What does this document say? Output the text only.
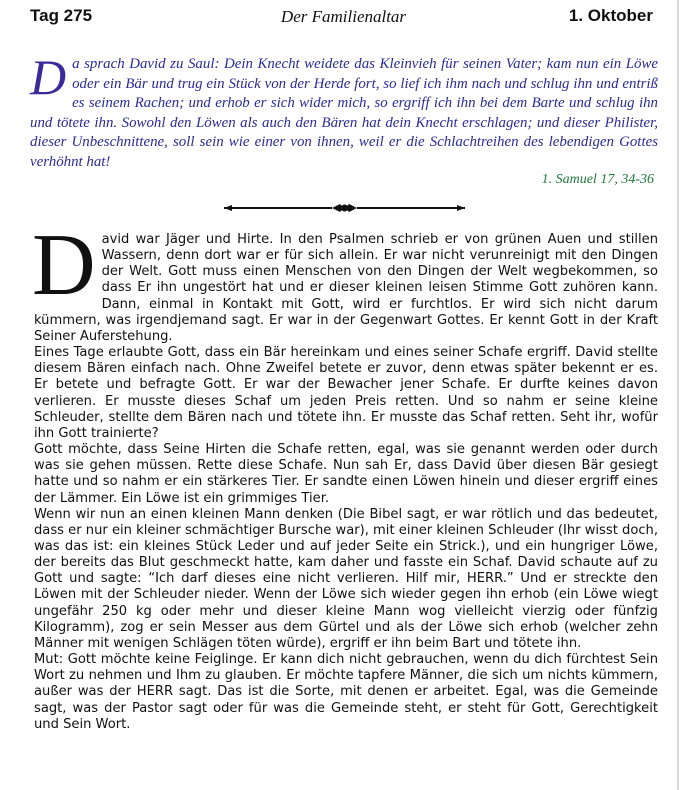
Tag 275	Der Familienaltar	1. Oktober
Da sprach David zu Saul: Dein Knecht weidete das Kleinvieh für seinen Vater; kam nun ein Löwe oder ein Bär und trug ein Stück von der Herde fort, so lief ich ihm nach und schlug ihn und entriß es seinem Rachen; und erhob er sich wider mich, so ergriff ich ihn bei dem Barte und schlug ihn und tötete ihn. Sowohl den Löwen als auch den Bären hat dein Knecht erschlagen; und dieser Philister, dieser Unbeschnittene, soll sein wie einer von ihnen, weil er die Schlachtreihen des lebendigen Gottes verhöhnt hat!
1. Samuel 17, 34-36

David war Jäger und Hirte. In den Psalmen schrieb er von grünen Auen und stillen Wassern, denn dort war er für sich allein. Er war nicht verunreinigt mit den Dingen der Welt. Gott muss einen Menschen von den Dingen der Welt wegbekommen, so dass Er ihn ungestört hat und er dieser kleinen leisen Stimme Gott zuhören kann. Dann, einmal in Kontakt mit Gott, wird er furchtlos. Er wird sich nicht darum kümmern, was irgendjemand sagt. Er war in der Gegenwart Gottes. Er kennt Gott in der Kraft Seiner Auferstehung.

Eines Tage erlaubte Gott, dass ein Bär hereinkam und eines seiner Schafe ergriff. David stellte diesem Bären einfach nach. Ohne Zweifel betete er zuvor, denn etwas später bekennt er es. Er betete und befragte Gott. Er war der Bewacher jener Schafe. Er durfte keines davon verlieren. Er musste dieses Schaf um jeden Preis retten. Und so nahm er seine kleine Schleuder, stellte dem Bären nach und tötete ihn. Er musste das Schaf retten. Seht ihr, wofür ihn Gott trainierte?

Gott möchte, dass Seine Hirten die Schafe retten, egal, was sie genannt werden oder durch was sie gehen müssen. Rette diese Schafe. Nun sah Er, dass David über diesen Bär gesiegt hatte und so nahm er ein stärkeres Tier. Er sandte einen Löwen hinein und dieser ergriff eines der Lämmer. Ein Löwe ist ein grimmiges Tier.

Wenn wir nun an einen kleinen Mann denken (Die Bibel sagt, er war rötlich und das bedeutet, dass er nur ein kleiner schmächtiger Bursche war), mit einer kleinen Schleuder (Ihr wisst doch, was das ist: ein kleines Stück Leder und auf jeder Seite ein Strick.), und ein hungriger Löwe, der bereits das Blut geschmeckt hatte, kam daher und fasste ein Schaf. David schaute auf zu Gott und sagte: “Ich darf dieses eine nicht verlieren. Hilf mir, HERR.” Und er streckte den Löwen mit der Schleuder nieder. Wenn der Löwe sich wieder gegen ihn erhob (ein Löwe wiegt ungefähr 250 kg oder mehr und dieser kleine Mann wog vielleicht vierzig oder fünfzig Kilogramm), zog er sein Messer aus dem Gürtel und als der Löwe sich erhob (welcher zehn Männer mit wenigen Schlägen töten würde), ergriff er ihn beim Bart und tötete ihn.

Mut: Gott möchte keine Feiglinge. Er kann dich nicht gebrauchen, wenn du dich fürchtest Sein Wort zu nehmen und Ihm zu glauben. Er möchte tapfere Männer, die sich um nichts kümmern, außer was der HERR sagt. Das ist die Sorte, mit denen er arbeitet. Egal, was die Gemeinde sagt, was der Pastor sagt oder für was die Gemeinde steht, er steht für Gott, Gerechtigkeit und Sein Wort.
